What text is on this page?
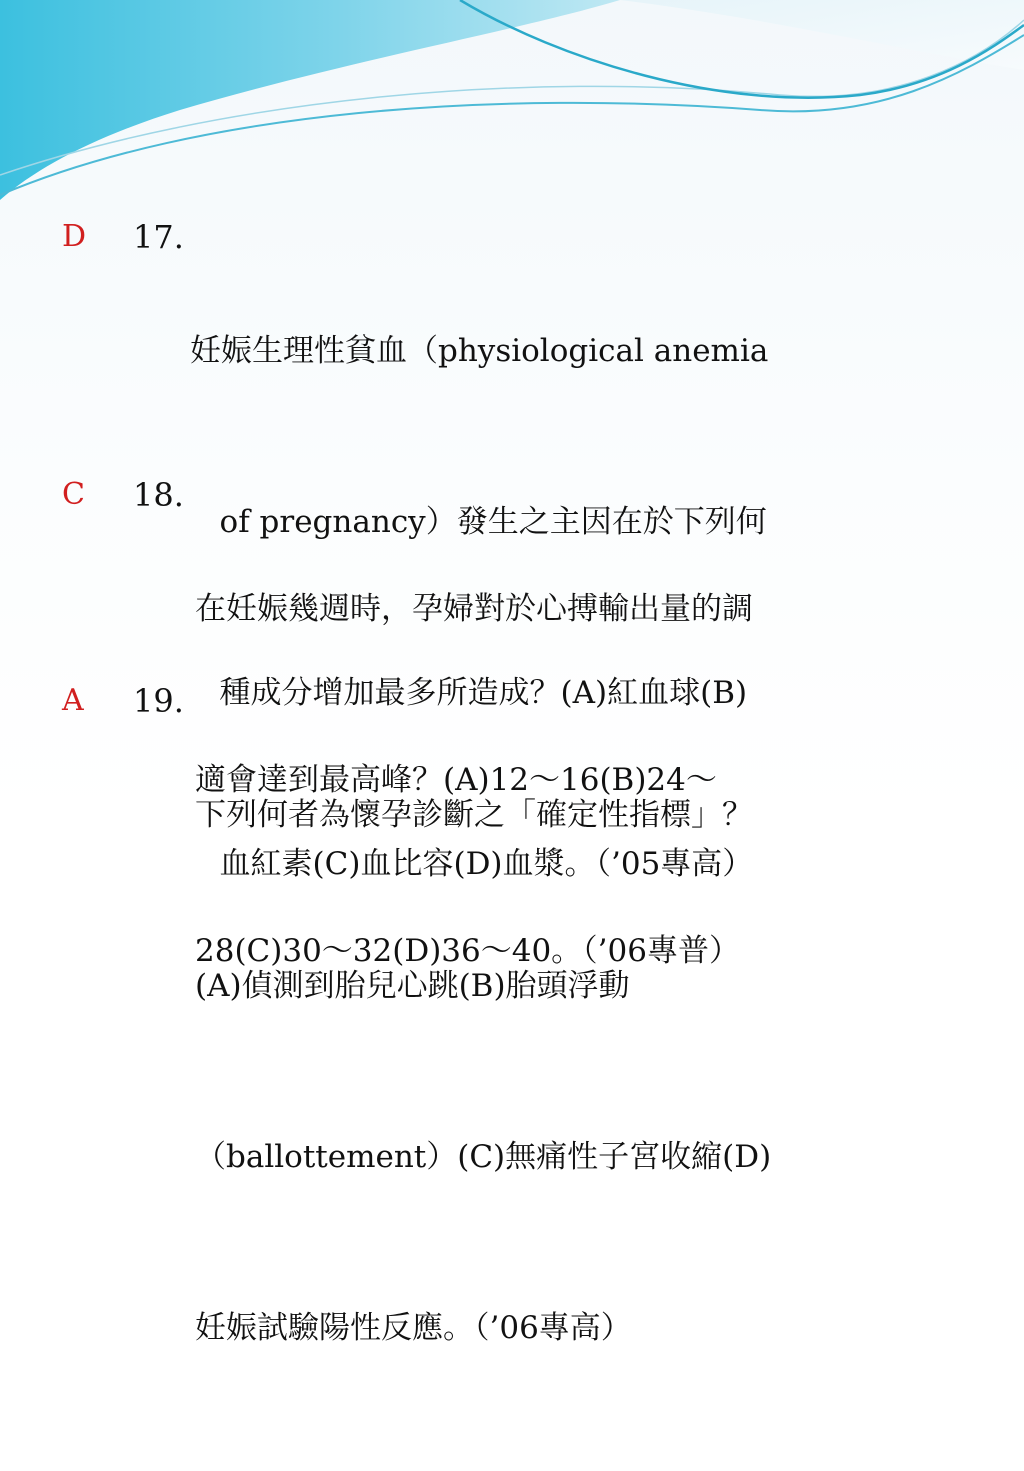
D 17.

妊娠生理性貧血（physiological anemia

of pregnancy）發生之主因在於下列何

種成分增加最多所造成？(A)紅血球(B)

血紅素(C)血比容(D)血漿。（’05專高）

C 18.

在妊娠幾週時，孕婦對於心搏輸出量的調

適會達到最高峰？(A)12～16(B)24～

28(C)30～32(D)36～40。（’06專普）

A 19.

下列何者為懷孕診斷之「確定性指標」？

(A)偵測到胎兒心跳(B)胎頭浮動

（ballottement）(C)無痛性子宮收縮(D)

妊娠試驗陽性反應。（’06專高）
